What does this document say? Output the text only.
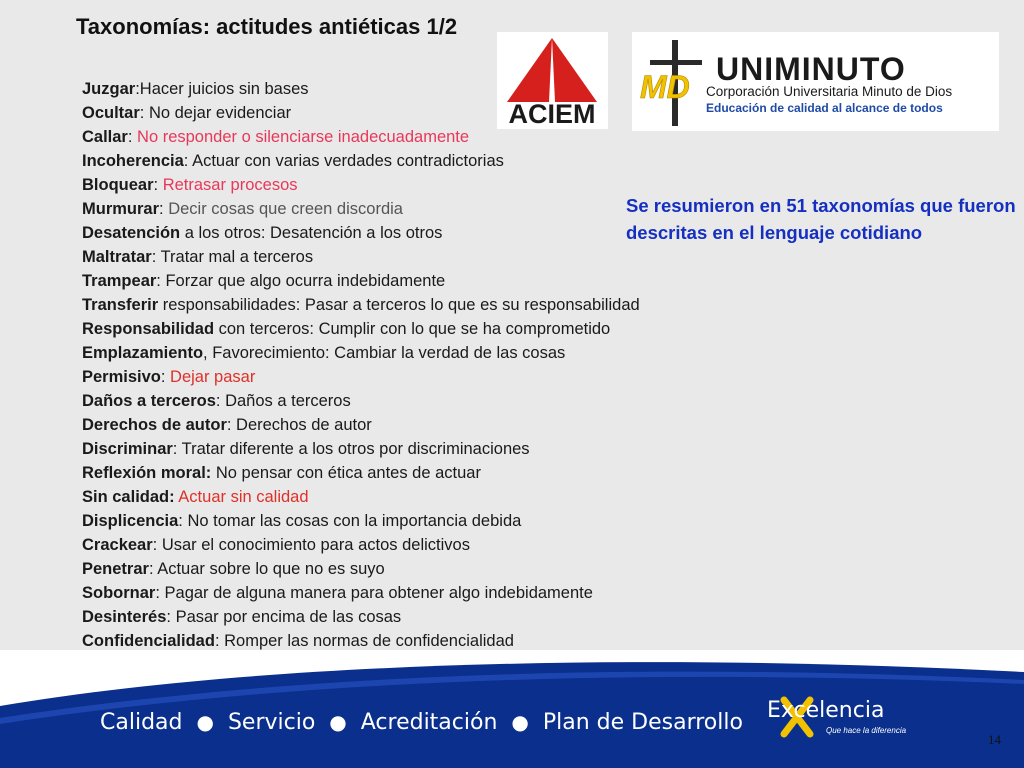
Taxonomías: actitudes antiéticas 1/2
Juzgar:Hacer juicios sin bases
Ocultar: No dejar evidenciar
Callar: No responder o silenciarse inadecuadamente
Incoherencia: Actuar con varias verdades contradictorias
Bloquear: Retrasar procesos
Murmurar: Decir cosas que creen discordia
Desatención a los otros: Desatención a los otros
Maltratar: Tratar mal a terceros
Trampear: Forzar que algo ocurra indebidamente
Transferir responsabilidades: Pasar a terceros lo que es su responsabilidad
Responsabilidad con terceros: Cumplir con lo que se ha comprometido
Emplazamiento, Favorecimiento: Cambiar la verdad de las cosas
Permisivo: Dejar pasar
Daños a terceros: Daños a terceros
Derechos de autor: Derechos de autor
Discriminar: Tratar diferente a los otros por discriminaciones
Reflexión moral: No pensar con ética antes de actuar
Sin calidad: Actuar sin calidad
Displicencia: No tomar las cosas con la importancia debida
Crackear: Usar el conocimiento para actos delictivos
Penetrar: Actuar sobre lo que no es suyo
Sobornar: Pagar de alguna manera para obtener algo indebidamente
Desinterés: Pasar por encima de las cosas
Confidencialidad: Romper las normas de confidencialidad
ACIEM
MD UNIMINUTO
Corporación Universitaria Minuto de Dios
Educación de calidad al alcance de todos
Se resumieron en 51 taxonomías que fueron descritas en el lenguaje cotidiano
Calidad ● Servicio ● Acreditación ● Plan de Desarrollo Excelencia
Que hace la diferencia
14
